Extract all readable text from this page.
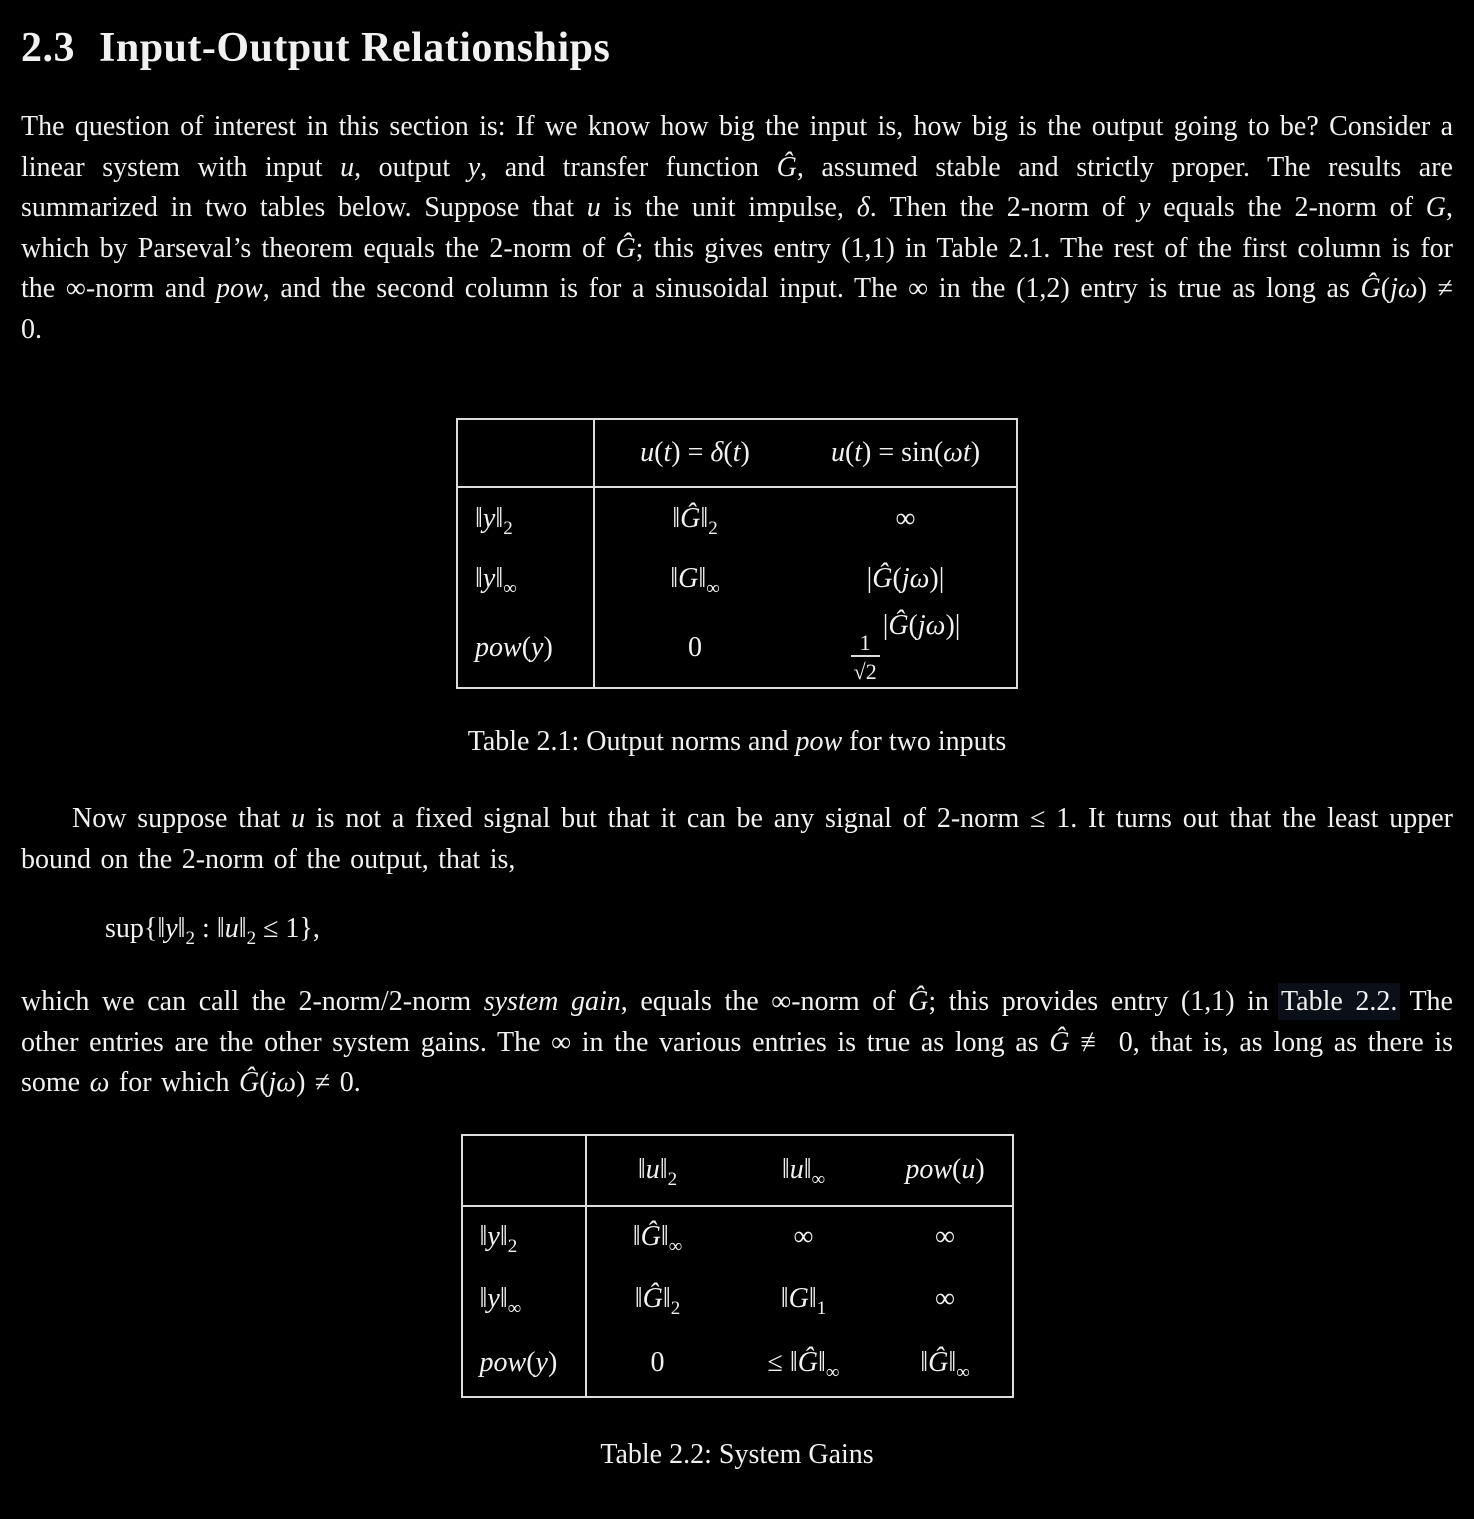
2.3 Input-Output Relationships

The question of interest in this section is: If we know how big the input is, how big is the output going to be? Consider a linear system with input u, output y, and transfer function Ĝ, assumed stable and strictly proper. The results are summarized in two tables below. Suppose that u is the unit impulse, δ. Then the 2-norm of y equals the 2-norm of G, which by Parseval’s theorem equals the 2-norm of Ĝ; this gives entry (1,1) in Table 2.1. The rest of the first column is for the ∞-norm and pow, and the second column is for a sinusoidal input. The ∞ in the (1,2) entry is true as long as Ĝ(jω) ≠ 0.

	u(t) = δ(t)	u(t) = sin(ωt)
$‖y‖_2$	$‖Ĝ‖_2$	∞
$‖y‖_\infty$	$‖G‖_\infty$	|Ĝ(jω)|
pow(y)	0	$\frac{1}{√2}$
|Ĝ(jω)|

Table 2.1: Output norms and pow for two inputs

Now suppose that u is not a fixed signal but that it can be any signal of 2-norm ≤ 1. It turns out that the least upper bound on the 2-norm of the output, that is,

$sup\{‖y‖_2$ : $‖u‖_2 \le 1$},

which we can call the 2-norm/2-norm system gain, equals the ∞-norm of Ĝ; this provides entry (1,1) in Table 2.2. The other entries are the other system gains. The ∞ in the various entries is true as long as Ĝ ≢ 0, that is, as long as there is some ω for which Ĝ(jω) ≠ 0.

	$‖u‖_2$	$‖u‖_\infty$	pow(u)
$‖y‖_2$	$‖Ĝ‖_\infty$	∞	∞
$‖y‖_\infty$	$‖Ĝ‖_2$	$‖G‖_1$	∞
pow(y)	0	≤ $‖Ĝ‖_\infty$	$‖Ĝ‖_\infty$

Table 2.2: System Gains
